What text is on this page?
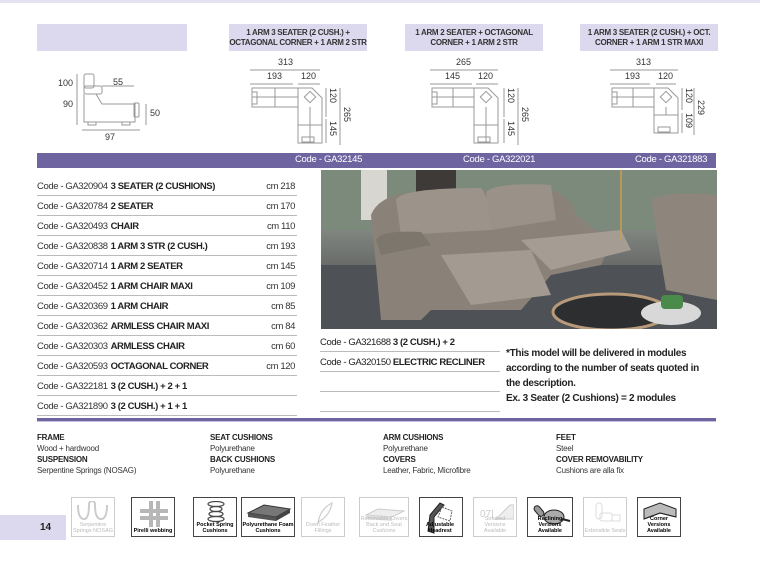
1 ARM 3 SEATER (2 CUSH.) + OCTAGONAL CORNER + 1 ARM 2 STR
1 ARM 2 SEATER + OCTAGONAL CORNER + 1 ARM 2 STR
1 ARM 3 SEATER (2 CUSH.) + OCT. CORNER + 1 ARM 1 STR MAXI
100
90
55
50
97
313
193 120
120
145
265
265
145 120
120
145
265
313
193 120
120
109
229
Code - GA32145	Code - GA322021	Code - GA321883
Code - GA320904 3 SEATER (2 CUSHIONS)	cm 218
Code - GA320784 2 SEATER	cm 170
Code - GA320493 CHAIR	cm 110
Code - GA320838 1 ARM 3 STR (2 CUSH.)	cm 193
Code - GA320714 1 ARM 2 SEATER	cm 145
Code - GA320452 1 ARM CHAIR MAXI	cm 109
Code - GA320369 1 ARM CHAIR	cm 85
Code - GA320362 ARMLESS CHAIR MAXI	cm 84
Code - GA320303 ARMLESS CHAIR	cm 60
Code - GA320593 OCTAGONAL CORNER	cm 120
Code - GA322181 3 (2 CUSH.) + 2 + 1
Code - GA321890 3 (2 CUSH.) + 1 + 1
Code - GA321688 3 (2 CUSH.) + 2
Code - GA320150 ELECTRIC RECLINER
*This model will be delivered in modules
according to the number of seats quoted in
the description.
Ex. 3 Seater (2 Cushions) = 2 modules
FRAME
Wood + hardwood
SUSPENSION
Serpentine Springs (NOSAG)
SEAT CUSHIONS
Polyurethane
BACK CUSHIONS
Polyurethane
ARM CUSHIONS
Polyurethane
COVERS
Leather, Fabric, Microfibre
FEET
Steel
COVER REMOVABILITY
Cushions are alla fix
14	Serpentine Springs NOSAG	Pirelli webbing
Pocket Spring Cushions
Polyurethane Foam Cushions
Down Feather Fillings
Removable Covers Back and Seat Cushions
Adjustable Headrest
07|
Sofabed Versions Available
Reclining Versions Available	Extensible Seats
Corner Versions Available
